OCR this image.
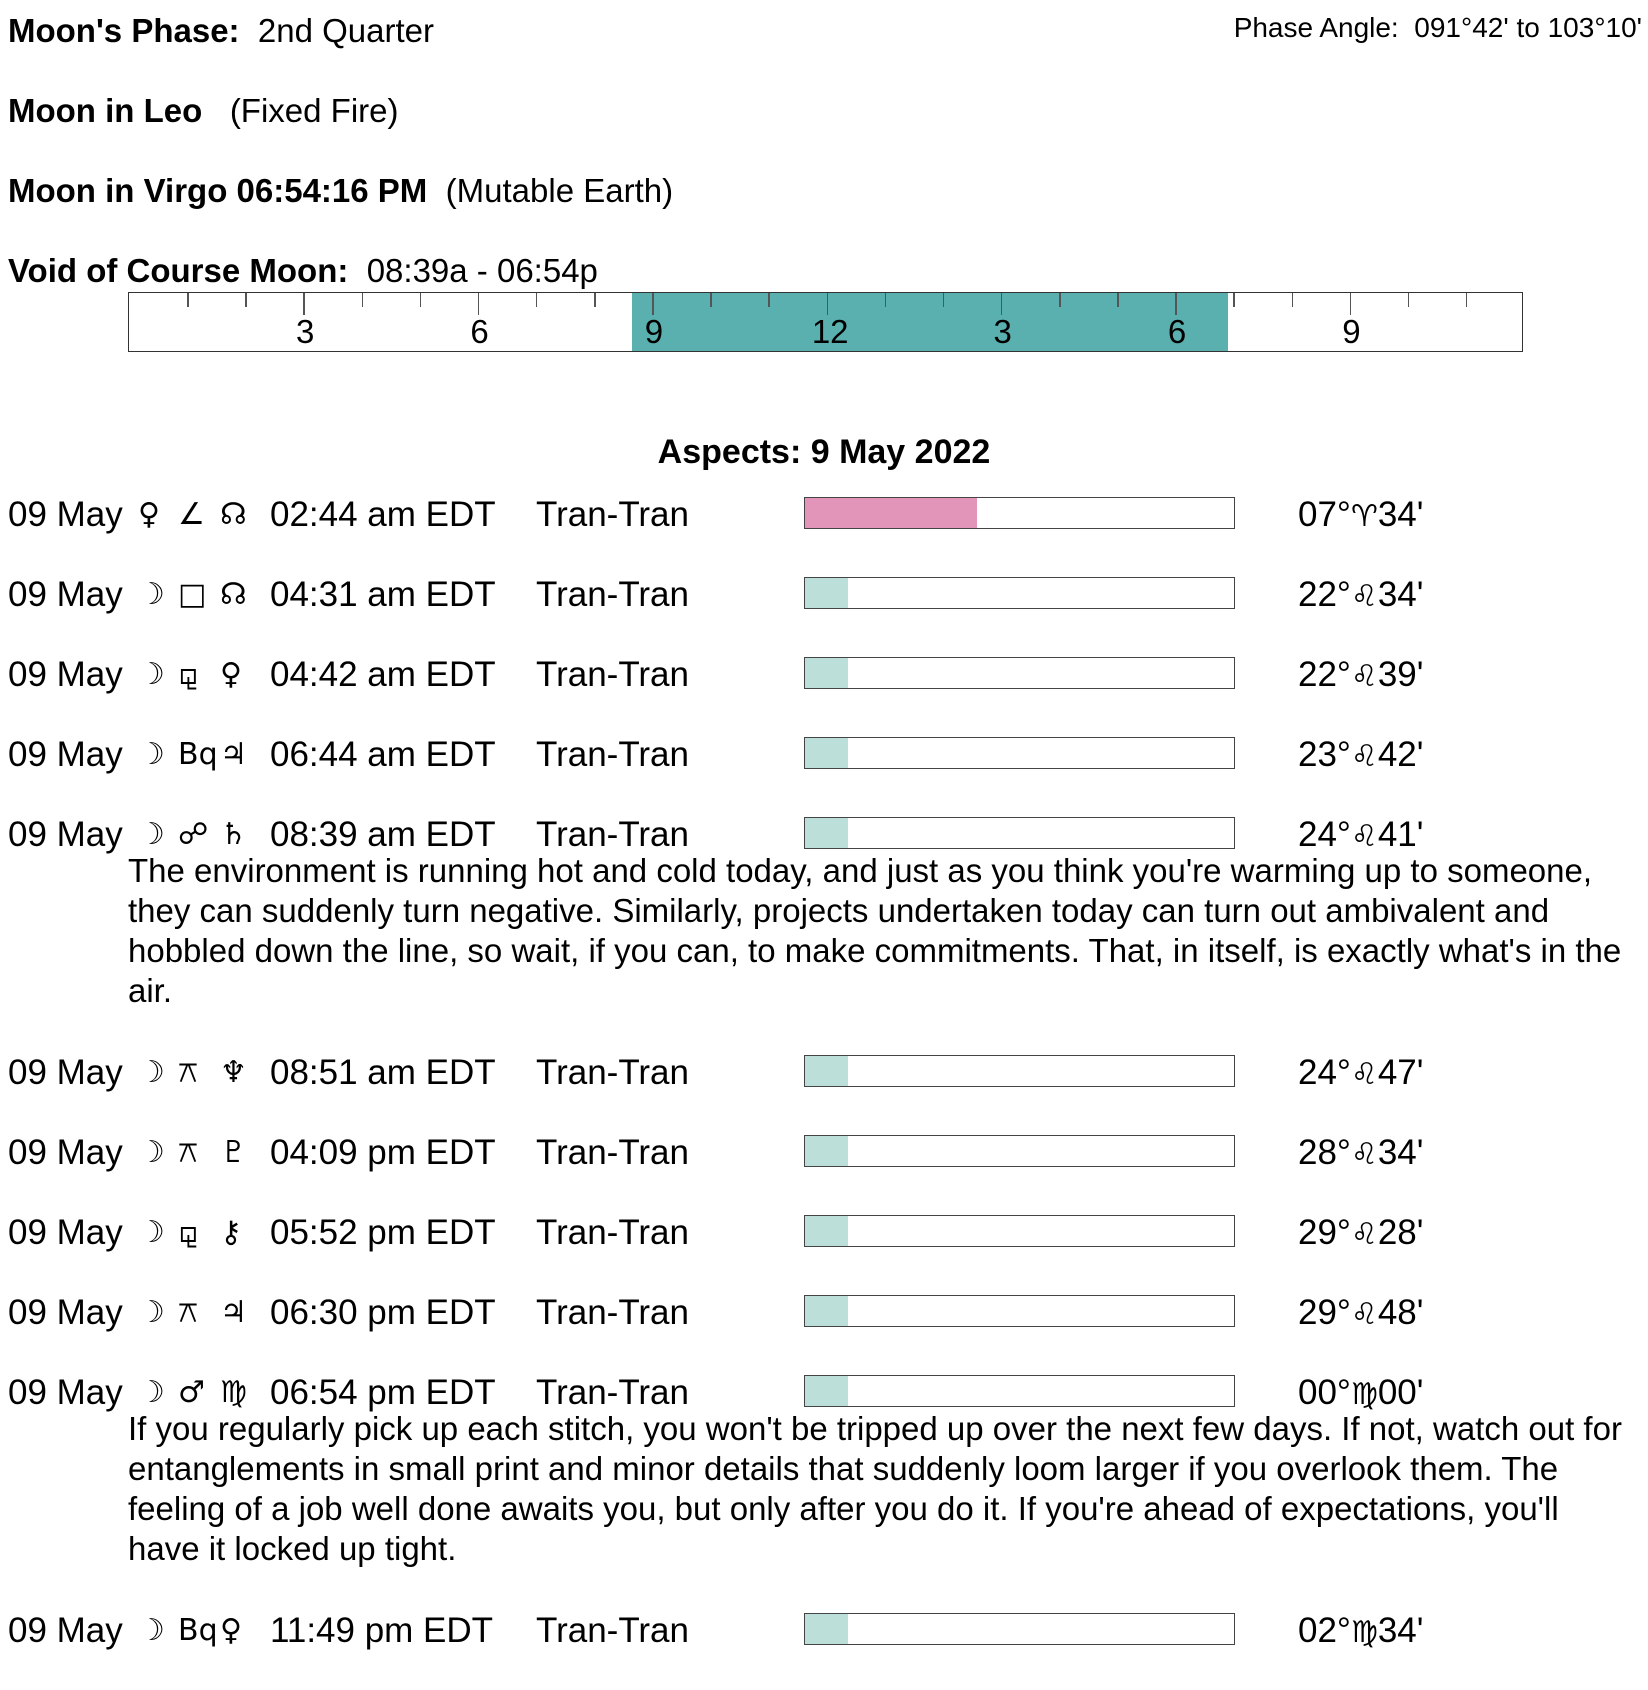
Moon's Phase: 2nd Quarter	Phase Angle: 091°42' to 103°10'
Moon in Leo (Fixed Fire)
Moon in Virgo 06:54:16 PM (Mutable Earth)
Void of Course Moon: 08:39a - 06:54p
3	6	9	12	3	6	9
Aspects: 9 May 2022
09 May ♀ ∠ ☊ 02:44 am EDT Tran-Tran	07°♈34'
09 May ☽ □ ☊ 04:31 am EDT Tran-Tran	22°♌34'
09 May ☽ ⚼ ♀ 04:42 am EDT Tran-Tran	22°♌39'
09 May ☽ Bq ♃ 06:44 am EDT Tran-Tran	23°♌42'
09 May ☽ ☍ ♄ 08:39 am EDT Tran-Tran	24°♌41'
The environment is running hot and cold today, and just as you think you're warming up to someone, they can suddenly turn negative. Similarly, projects undertaken today can turn out ambivalent and hobbled down the line, so wait, if you can, to make commitments. That, in itself, is exactly what's in the air.
09 May ☽ ⚻ ♆ 08:51 am EDT Tran-Tran	24°♌47'
09 May ☽ ⚻ ♇ 04:09 pm EDT Tran-Tran	28°♌34'
09 May ☽ ⚼ ⚷ 05:52 pm EDT Tran-Tran	29°♌28'
09 May ☽ ⚻ ♃ 06:30 pm EDT Tran-Tran	29°♌48'
09 May ☽ ♂ ♍ 06:54 pm EDT Tran-Tran	00°♍00'
If you regularly pick up each stitch, you won't be tripped up over the next few days. If not, watch out for entanglements in small print and minor details that suddenly loom larger if you overlook them. The feeling of a job well done awaits you, but only after you do it. If you're ahead of expectations, you'll have it locked up tight.
09 May ☽ Bq ♀ 11:49 pm EDT Tran-Tran	02°♍34'
